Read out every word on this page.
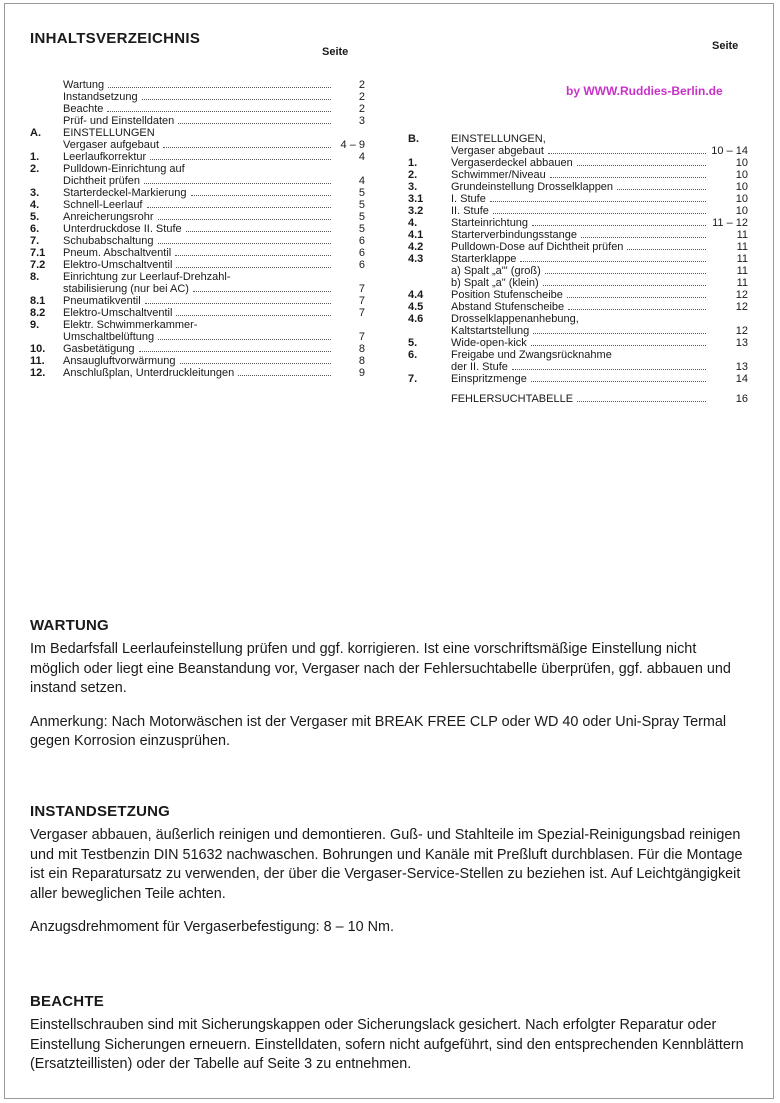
INHALTSVERZEICHNIS
Seite	Seite
by WWW.Ruddies-Berlin.de
Wartung	2
Instandsetzung	2
Beachte	2
Prüf- und Einstelldaten	3
A.	EINSTELLUNGEN
Vergaser aufgebaut	4 – 9
1.	Leerlaufkorrektur	4
2.	Pulldown-Einrichtung auf
Dichtheit prüfen	4
3.	Starterdeckel-Markierung	5
4.	Schnell-Leerlauf	5
5.	Anreicherungsrohr	5
6.	Unterdruckdose II. Stufe	5
7.	Schubabschaltung	6
7.1	Pneum. Abschaltventil	6
7.2	Elektro-Umschaltventil	6
8.	Einrichtung zur Leerlauf-Drehzahl-
stabilisierung (nur bei AC)	7
8.1	Pneumatikventil	7
8.2	Elektro-Umschaltventil	7
9.	Elektr. Schwimmerkammer-
Umschaltbelüftung	7
10.	Gasbetätigung	8
11.	Ansaugluftvorwärmung	8
12.	Anschlußplan, Unterdruckleitungen	9
B.	EINSTELLUNGEN,
Vergaser abgebaut	10 – 14
1.	Vergaserdeckel abbauen	10
2.	Schwimmer/Niveau	10
3.	Grundeinstellung Drosselklappen	10
3.1	I. Stufe	10
3.2	II. Stufe	10
4.	Starteinrichtung	11 – 12
4.1	Starterverbindungsstange	11
4.2	Pulldown-Dose auf Dichtheit prüfen	11
4.3	Starterklappe	11
a) Spalt „a"' (groß)	11
b) Spalt „a" (klein)	11
4.4	Position Stufenscheibe	12
4.5	Abstand Stufenscheibe	12
4.6	Drosselklappenanhebung,
Kaltstartstellung	12
5.	Wide-open-kick	13
6.	Freigabe und Zwangsrücknahme
der II. Stufe	13
7.	Einspritzmenge	14
FEHLERSUCHTABELLE	16
WARTUNG

Im Bedarfsfall Leerlaufeinstellung prüfen und ggf. korrigieren. Ist eine vorschriftsmäßige Einstellung nicht möglich oder liegt eine Beanstandung vor, Vergaser nach der Fehlersuchtabelle überprüfen, ggf. abbauen und instand setzen.

Anmerkung: Nach Motorwäschen ist der Vergaser mit BREAK FREE CLP oder WD 40 oder Uni-Spray Termal gegen Korrosion einzusprühen.

INSTANDSETZUNG

Vergaser abbauen, äußerlich reinigen und demontieren. Guß- und Stahlteile im Spezial-Reinigungsbad reinigen und mit Testbenzin DIN 51632 nachwaschen. Bohrungen und Kanäle mit Preßluft durchblasen. Für die Montage ist ein Reparatursatz zu verwenden, der über die Vergaser-Service-Stellen zu beziehen ist. Auf Leichtgängigkeit aller beweglichen Teile achten.

Anzugsdrehmoment für Vergaserbefestigung: 8 – 10 Nm.

BEACHTE

Einstellschrauben sind mit Sicherungskappen oder Sicherungslack gesichert. Nach erfolgter Reparatur oder Einstellung Sicherungen erneuern. Einstelldaten, sofern nicht aufgeführt, sind den entsprechenden Kennblättern (Ersatzteillisten) oder der Tabelle auf Seite 3 zu entnehmen.
